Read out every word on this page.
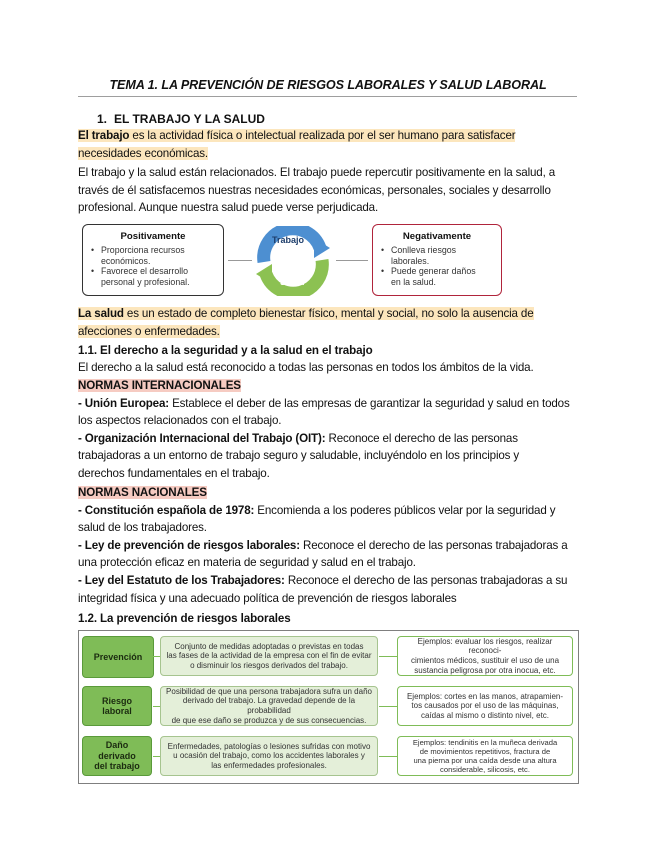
TEMA 1. LA PREVENCIÓN DE RIESGOS LABORALES Y SALUD LABORAL
1. EL TRABAJO Y LA SALUD
El trabajo es la actividad física o intelectual realizada por el ser humano para satisfacer
necesidades económicas.
El trabajo y la salud están relacionados. El trabajo puede repercutir positivamente en la salud, a
través de él satisfacemos nuestras necesidades económicas, personales, sociales y desarrollo
profesional. Aunque nuestra salud puede verse perjudicada.
Positivamente
• Proporciona recursos
económicos.
• Favorece el desarrollo
personal y profesional.
Trabajo
Salud
Negativamente
• Conlleva riesgos
laborales.
• Puede generar daños
en la salud.
La salud es un estado de completo bienestar físico, mental y social, no solo la ausencia de
afecciones o enfermedades.
1.1. El derecho a la seguridad y a la salud en el trabajo
El derecho a la salud está reconocido a todas las personas en todos los ámbitos de la vida.
NORMAS INTERNACIONALES
- Unión Europea: Establece el deber de las empresas de garantizar la seguridad y salud en todos
los aspectos relacionados con el trabajo.
- Organización Internacional del Trabajo (OIT): Reconoce el derecho de las personas
trabajadoras a un entorno de trabajo seguro y saludable, incluyéndolo en los principios y
derechos fundamentales en el trabajo.
NORMAS NACIONALES
- Constitución española de 1978: Encomienda a los poderes públicos velar por la seguridad y
salud de los trabajadores.
- Ley de prevención de riesgos laborales: Reconoce el derecho de las personas trabajadoras a
una protección eficaz en materia de seguridad y salud en el trabajo.
- Ley del Estatuto de los Trabajadores: Reconoce el derecho de las personas trabajadoras a su
integridad física y una adecuado política de prevención de riesgos laborales
1.2. La prevención de riesgos laborales
Prevención
Conjunto de medidas adoptadas o previstas en todas
las fases de la actividad de la empresa con el fin de evitar
o disminuir los riesgos derivados del trabajo.
Ejemplos: evaluar los riesgos, realizar reconoci-
cimientos médicos, sustituir el uso de una
sustancia peligrosa por otra inocua, etc.
Riesgo laboral
Posibilidad de que una persona trabajadora sufra un daño
derivado del trabajo. La gravedad depende de la probabilidad
de que ese daño se produzca y de sus consecuencias.
Ejemplos: cortes en las manos, atrapamien-
tos causados por el uso de las máquinas,
caídas al mismo o distinto nivel, etc.
Daño derivado del trabajo
Enfermedades, patologías o lesiones sufridas con motivo
u ocasión del trabajo, como los accidentes laborales y
las enfermedades profesionales.
Ejemplos: tendinitis en la muñeca derivada
de movimientos repetitivos, fractura de
una pierna por una caída desde una altura
considerable, silicosis, etc.
